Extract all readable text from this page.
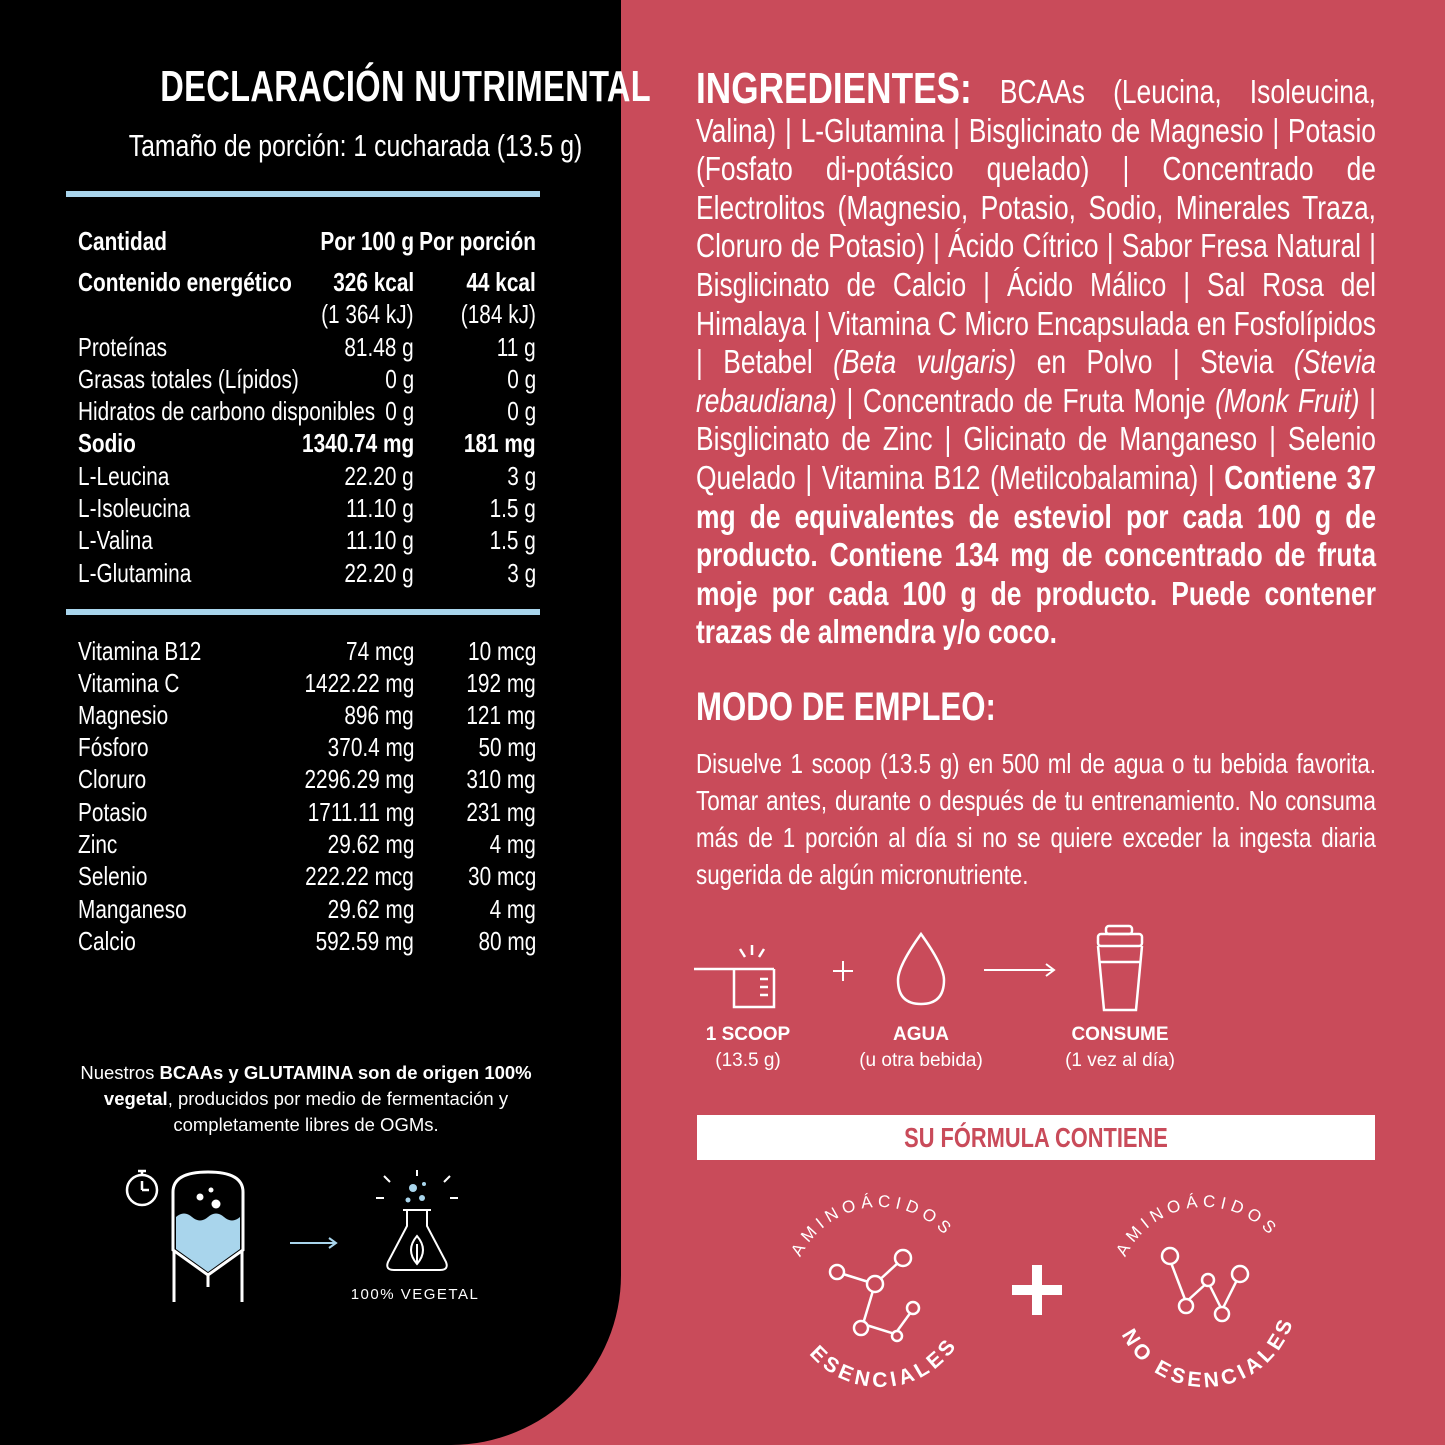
DECLARACIÓN NUTRIMENTAL
Tamaño de porción: 1 cucharada (13.5 g)
Cantidad	Por 100 g Por porción
Contenido energético 326 kcal 44 kcal
(1 364 kJ) (184 kJ)
Proteínas	81.48 g	11 g
Grasas totales (Lípidos)	0 g	0 g
Hidratos de carbono disponibles 0 g	0 g
Sodio	1340.74 mg 181 mg
L-Leucina	22.20 g	3 g
L-Isoleucina	11.10 g	1.5 g
L-Valina	11.10 g	1.5 g
L-Glutamina	22.20 g	3 g
Vitamina B12	74 mcg 10 mcg
Vitamina C	1422.22 mg 192 mg
Magnesio	896 mg 121 mg
Fósforo	370.4 mg 50 mg
Cloruro	2296.29 mg 310 mg
Potasio	1711.11 mg 231 mg
Zinc	29.62 mg	4 mg
Selenio	222.22 mcg 30 mcg
Manganeso	29.62 mg	4 mg
Calcio	592.59 mg 80 mg
Nuestros BCAAs y GLUTAMINA son de origen 100% vegetal, producidos por medio de fermentación y completamente libres de OGMs.
100% VEGETAL
INGREDIENTES: BCAAs (Leucina, Isoleucina, Valina) | L-Glutamina | Bisglicinato de Magnesio | Potasio (Fosfato di-potásico quelado) | Concentrado de Electrolitos (Magnesio, Potasio, Sodio, Minerales Traza, Cloruro de Potasio) | Ácido Cítrico | Sabor Fresa Natural | Bisglicinato de Calcio | Ácido Málico | Sal Rosa del Himalaya | Vitamina C Micro Encapsulada en Fosfolípidos | Betabel (Beta vulgaris) en Polvo | Stevia (Stevia rebaudiana) | Concentrado de Fruta Monje (Monk Fruit) | Bisglicinato de Zinc | Glicinato de Manganeso | Selenio Quelado | Vitamina B12 (Metilcobalamina) | Contiene 37 mg de equivalentes de esteviol por cada 100 g de producto. Contiene 134 mg de concentrado de fruta moje por cada 100 g de producto. Puede contener trazas de almendra y/o coco.
MODO DE EMPLEO:
Disuelve 1 scoop (13.5 g) en 500 ml de agua o tu bebida favorita. Tomar antes, durante o después de tu entrenamiento. No consuma más de 1 porción al día si no se quiere exceder la ingesta diaria sugerida de algún micronutriente.
1 SCOOP
(13.5 g)
AGUA
(u otra bebida)
CONSUME
(1 vez al día)
SU FÓRMULA CONTIENE
AMINOÁCIDOS
ESENCIALES
AMINOÁCIDOS
NO ESENCIALES
